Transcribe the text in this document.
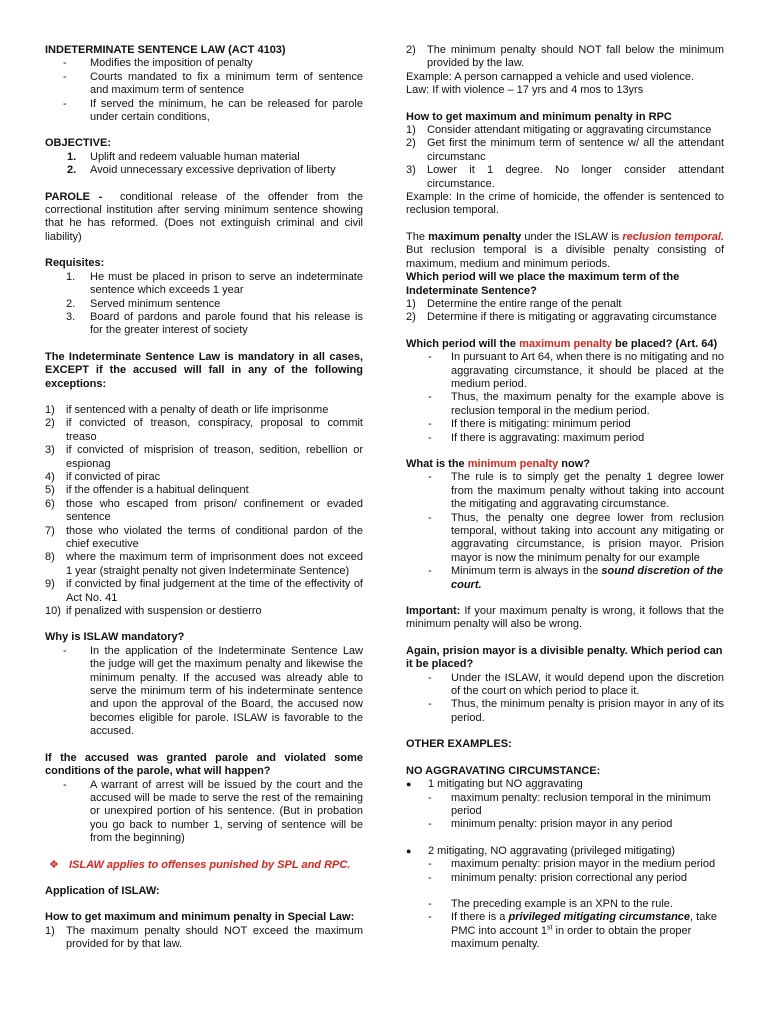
INDETERMINATE SENTENCE LAW (ACT 4103)

- Modifies the imposition of penalty
- Courts mandated to fix a minimum term of sentence and maximum term of sentence
- If served the minimum, he can be released for parole under certain conditions,

OBJECTIVE:

1. Uplift and redeem valuable human material
2. Avoid unnecessary excessive deprivation of liberty

PAROLE - conditional release of the offender from the correctional institution after serving minimum sentence showing that he has reformed. (Does not extinguish criminal and civil liability)

Requisites:

1. He must be placed in prison to serve an indeterminate sentence which exceeds 1 year
2. Served minimum sentence
3. Board of pardons and parole found that his release is for the greater interest of society

The Indeterminate Sentence Law is mandatory in all cases, EXCEPT if the accused will fall in any of the following exceptions:

1) if sentenced with a penalty of death or life imprisonme
2) if convicted of treason, conspiracy, proposal to commit treaso
3) if convicted of misprision of treason, sedition, rebellion or espionag
4) if convicted of pirac
5) if the offender is a habitual delinquent
6) those who escaped from prison/ confinement or evaded sentence
7) those who violated the terms of conditional pardon of the chief executive
8) where the maximum term of imprisonment does not exceed 1 year (straight penalty not given Indeterminate Sentence)
9) if convicted by final judgement at the time of the effectivity of Act No. 41
10) if penalized with suspension or destierro

Why is ISLAW mandatory?

- In the application of the Indeterminate Sentence Law the judge will get the maximum penalty and likewise the minimum penalty. If the accused was already able to serve the minimum term of his indeterminate sentence and upon the approval of the Board, the accused now becomes eligible for parole. ISLAW is favorable to the accused.

If the accused was granted parole and violated some conditions of the parole, what will happen?

- A warrant of arrest will be issued by the court and the accused will be made to serve the rest of the remaining or unexpired portion of his sentence. (But in probation you go back to number 1, serving of sentence will be from the beginning)
❖ ISLAW applies to offenses punished by SPL and RPC.

Application of ISLAW:

How to get maximum and minimum penalty in Special Law:

1) The maximum penalty should NOT exceed the maximum provided for by that law.
2) The minimum penalty should NOT fall below the minimum provided by the law.

Example: A person carnapped a vehicle and used violence.

Law: If with violence – 17 yrs and 4 mos to 13yrs

How to get maximum and minimum penalty in RPC

1) Consider attendant mitigating or aggravating circumstance
2) Get first the minimum term of sentence w/ all the attendant circumstanc
3) Lower it 1 degree. No longer consider attendant circumstance.

Example: In the crime of homicide, the offender is sentenced to reclusion temporal.

The maximum penalty under the ISLAW is reclusion temporal. But reclusion temporal is a divisible penalty consisting of maximum, medium and minimum periods.

Which period will we place the maximum term of the Indeterminate Sentence?

1) Determine the entire range of the penalt
2) Determine if there is mitigating or aggravating circumstance

Which period will the maximum penalty be placed? (Art. 64)

- In pursuant to Art 64, when there is no mitigating and no aggravating circumstance, it should be placed at the medium period.
- Thus, the maximum penalty for the example above is reclusion temporal in the medium period.
- If there is mitigating: minimum period
- If there is aggravating: maximum period

What is the minimum penalty now?

- The rule is to simply get the penalty 1 degree lower from the maximum penalty without taking into account the mitigating and aggravating circumstance.
- Thus, the penalty one degree lower from reclusion temporal, without taking into account any mitigating or aggravating circumstance, is prision mayor. Prision mayor is now the minimum penalty for our example
- Minimum term is always in the sound discretion of the court.

Important: If your maximum penalty is wrong, it follows that the minimum penalty will also be wrong.

Again, prision mayor is a divisible penalty. Which period can it be placed?

- Under the ISLAW, it would depend upon the discretion of the court on which period to place it.
- Thus, the minimum penalty is prision mayor in any of its period.

OTHER EXAMPLES:

NO AGGRAVATING CIRCUMSTANCE:

● 1 mitigating but NO aggravating
- maximum penalty: reclusion temporal in the minimum period
- minimum penalty: prision mayor in any period
● 2 mitigating, NO aggravating (privileged mitigating)
- maximum penalty: prision mayor in the medium period
- minimum penalty: prision correctional any period
- The preceding example is an XPN to the rule.
- If there is a privileged mitigating circumstance, take PMC into account 1st in order to obtain the proper maximum penalty.
